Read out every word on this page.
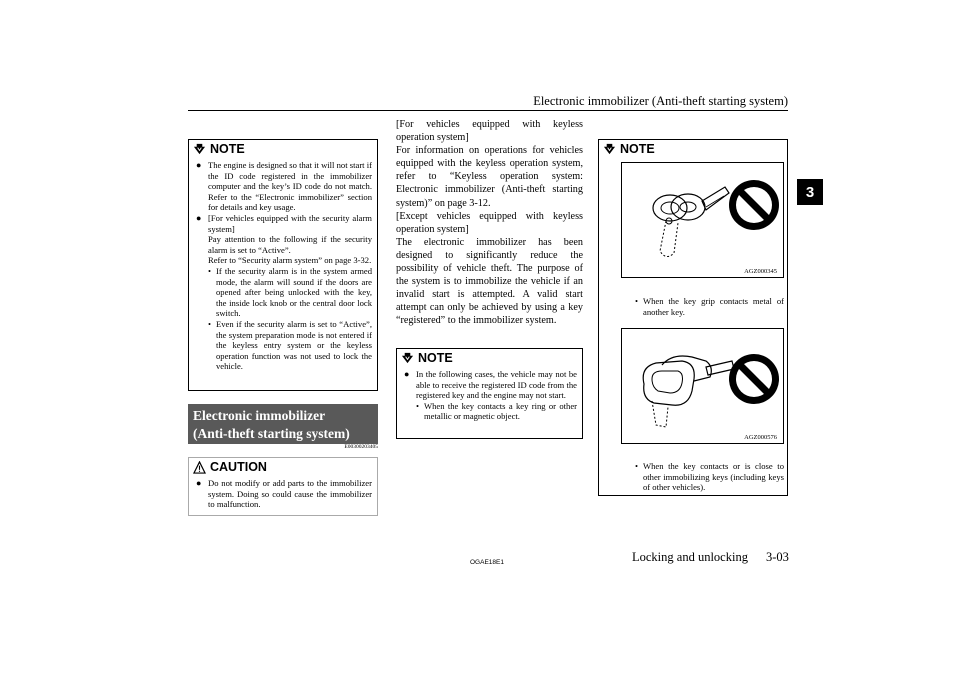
Electronic immobilizer (Anti-theft starting system)
3
NOTE
● The engine is designed so that it will not start if the ID code registered in the immobilizer computer and the key’s ID code do not match. Refer to the “Electronic immobilizer” section for details and key usage.
● [For vehicles equipped with the security alarm system]
Pay attention to the following if the security alarm is set to “Active”.
Refer to “Security alarm system” on page 3-32.
• If the security alarm is in the system armed mode, the alarm will sound if the doors are opened after being unlocked with the key, the inside lock knob or the central door lock switch.
• Even if the security alarm is set to “Active”, the system preparation mode is not entered if the keyless entry system or the keyless operation function was not used to lock the vehicle.
Electronic immobilizer
(Anti-theft starting system)
E00300203405
CAUTION
● Do not modify or add parts to the immobilizer system. Doing so could cause the immobilizer to malfunction.
[For vehicles equipped with keyless operation system]
For information on operations for vehicles equipped with the keyless operation system, refer to “Keyless operation system: Electronic immobilizer (Anti-theft starting system)” on page 3-12.
[Except vehicles equipped with keyless operation system]
The electronic immobilizer has been designed to significantly reduce the possibility of vehicle theft. The purpose of the system is to immobilize the vehicle if an invalid start is attempted. A valid start attempt can only be achieved by using a key “registered” to the immobilizer system.
NOTE
● In the following cases, the vehicle may not be able to receive the registered ID code from the registered key and the engine may not start.
• When the key contacts a key ring or other metallic or magnetic object.
NOTE
AGZ000345
• When the key grip contacts metal of another key.
AGZ000576
• When the key contacts or is close to other immobilizing keys (including keys of other vehicles).
OGAE18E1	Locking and unlocking 3-03
